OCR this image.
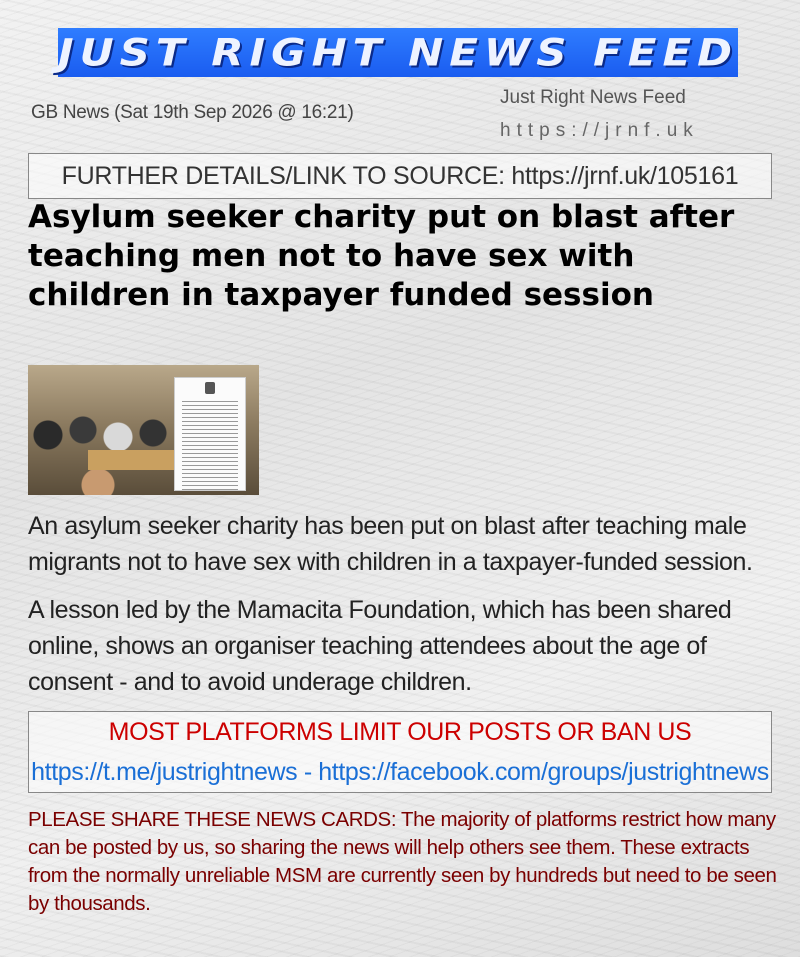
JUST RIGHT NEWS FEED
GB News (Sat 19th Sep 2026 @ 16:21)
Just Right News Feed
https://jrnf.uk
FURTHER DETAILS/LINK TO SOURCE: https://jrnf.uk/105161
Asylum seeker charity put on blast after teaching men not to have sex with children in taxpayer funded session

An asylum seeker charity has been put on blast after teaching male migrants not to have sex with children in a taxpayer-funded session.

A lesson led by the Mamacita Foundation, which has been shared online, shows an organiser teaching attendees about the age of consent - and to avoid underage children.

MOST PLATFORMS LIMIT OUR POSTS OR BAN US
https://t.me/justrightnews - https://facebook.com/groups/justrightnews

PLEASE SHARE THESE NEWS CARDS: The majority of platforms restrict how many can be posted by us, so sharing the news will help others see them. These extracts from the normally unreliable MSM are currently seen by hundreds but need to be seen by thousands.
